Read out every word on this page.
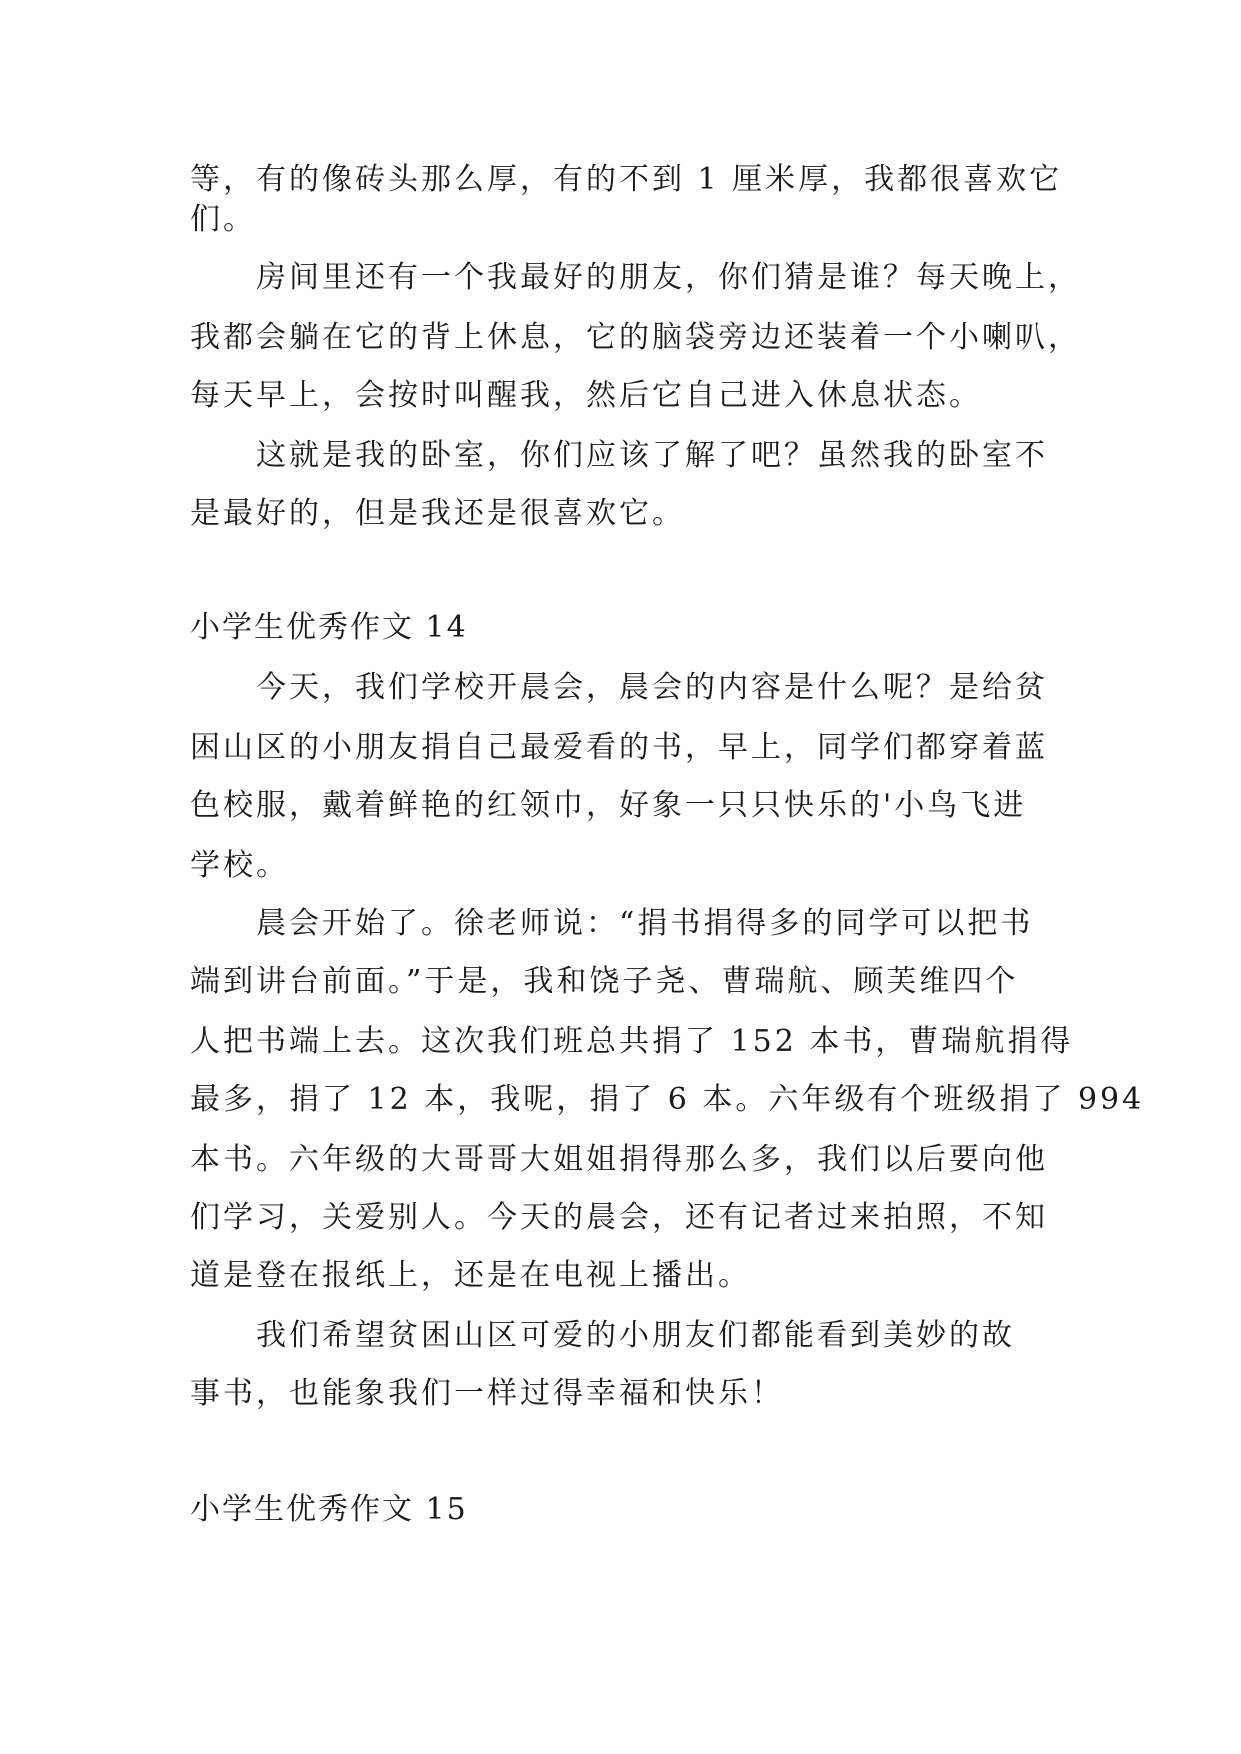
等，有的像砖头那么厚，有的不到 1 厘米厚，我都很喜欢它
们。
房间里还有一个我最好的朋友，你们猜是谁？每天晚上，
我都会躺在它的背上休息，它的脑袋旁边还装着一个小喇叭，
每天早上，会按时叫醒我，然后它自己进入休息状态。
这就是我的卧室，你们应该了解了吧？虽然我的卧室不
是最好的，但是我还是很喜欢它。
小学生优秀作文 14
今天，我们学校开晨会，晨会的内容是什么呢？是给贫
困山区的小朋友捐自己最爱看的书，早上，同学们都穿着蓝
色校服，戴着鲜艳的红领巾，好象一只只快乐的'小鸟飞进
学校。
晨会开始了。徐老师说：“捐书捐得多的同学可以把书
端到讲台前面。”于是，我和饶子尧、曹瑞航、顾芙维四个
人把书端上去。这次我们班总共捐了 152 本书，曹瑞航捐得
最多，捐了 12 本，我呢，捐了 6 本。六年级有个班级捐了 994
本书。六年级的大哥哥大姐姐捐得那么多，我们以后要向他
们学习，关爱别人。今天的晨会，还有记者过来拍照，不知
道是登在报纸上，还是在电视上播出。
我们希望贫困山区可爱的小朋友们都能看到美妙的故
事书，也能象我们一样过得幸福和快乐！
小学生优秀作文 15
